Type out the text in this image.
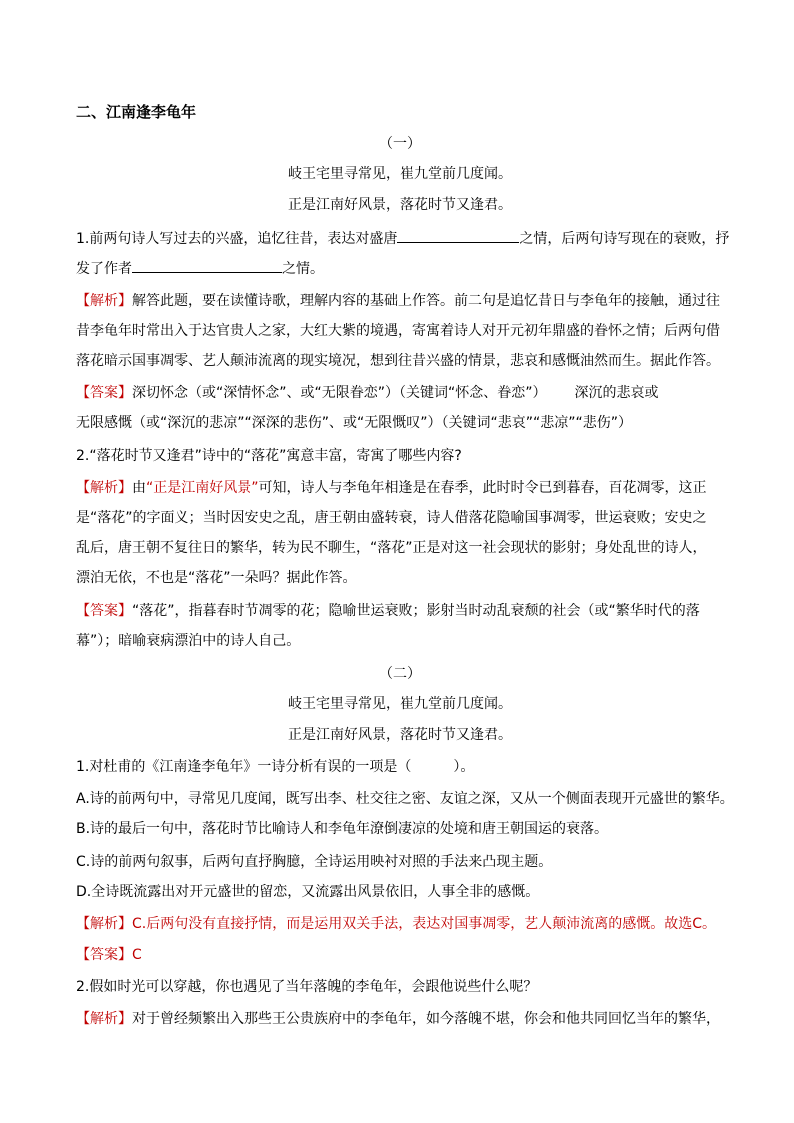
二、江南逢李龟年
（一）
岐王宅里寻常见，崔九堂前几度闻。
正是江南好风景，落花时节又逢君。
1.前两句诗人写过去的兴盛，追忆往昔，表达对盛唐	之情，后两句诗写现在的衰败，抒
发了作者	之情。
【解析】解答此题，要在读懂诗歌，理解内容的基础上作答。前二句是追忆昔日与李龟年的接触，通过往
昔李龟年时常出入于达官贵人之家，大红大紫的境遇，寄寓着诗人对开元初年鼎盛的眷怀之情；后两句借
落花暗示国事凋零、艺人颠沛流离的现实境况，想到往昔兴盛的情景，悲哀和感慨油然而生。据此作答。
【答案】深切怀念（或“深情怀念”、或“无限眷恋”）（关键词“怀念、眷恋”） 深沉的悲哀或
无限感慨（或“深沉的悲凉”“深深的悲伤”、或“无限慨叹”）（关键词“悲哀”“悲凉”“悲伤”）
2.“落花时节又逢君”诗中的“落花”寓意丰富，寄寓了哪些内容?
【解析】由“正是江南好风景”可知，诗人与李龟年相逢是在春季，此时时令已到暮春，百花凋零，这正
是“落花”的字面义；当时因安史之乱，唐王朝由盛转衰，诗人借落花隐喻国事凋零，世运衰败；安史之
乱后，唐王朝不复往日的繁华，转为民不聊生，“落花”正是对这一社会现状的影射；身处乱世的诗人，
漂泊无依，不也是“落花”一朵吗？据此作答。
【答案】“落花”，指暮春时节凋零的花；隐喻世运衰败；影射当时动乱衰颓的社会（或“繁华时代的落
幕”）；暗喻衰病漂泊中的诗人自己。
（二）
岐王宅里寻常见，崔九堂前几度闻。
正是江南好风景，落花时节又逢君。
1.对杜甫的《江南逢李龟年》一诗分析有误的一项是（　　　）。
A.诗的前两句中，寻常见几度闻，既写出李、杜交往之密、友谊之深，又从一个侧面表现开元盛世的繁华。
B.诗的最后一句中，落花时节比喻诗人和李龟年潦倒凄凉的处境和唐王朝国运的衰落。
C.诗的前两句叙事，后两句直抒胸臆，全诗运用映衬对照的手法来凸现主题。
D.全诗既流露出对开元盛世的留恋，又流露出风景依旧，人事全非的感慨。
【解析】C.后两句没有直接抒情，而是运用双关手法，表达对国事凋零，艺人颠沛流离的感慨。故选C。
【答案】C
2.假如时光可以穿越，你也遇见了当年落魄的李龟年，会跟他说些什么呢？
【解析】对于曾经频繁出入那些王公贵族府中的李龟年，如今落魄不堪，你会和他共同回忆当年的繁华，
